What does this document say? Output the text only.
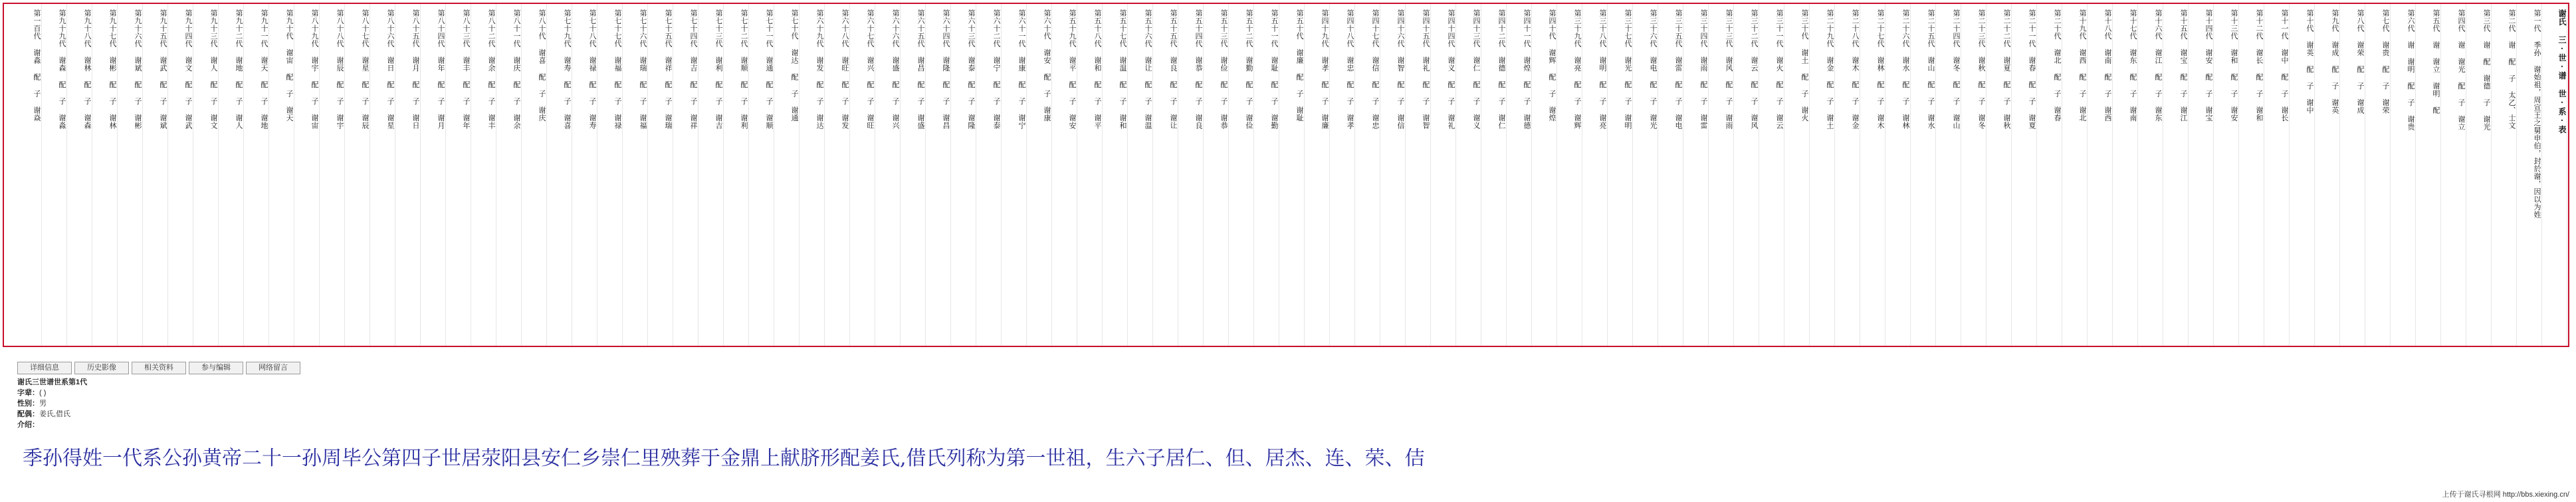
谢氏 三·世·谱 世·系·表
第一代 季孙 谢始祖，周宣王之舅申伯，封於谢，因以为姓
第二代 谢 配 子 太乙、士文
第三代 谢 配 谢德 子 谢光
第四代 谢 谢光 配 子 谢立
第五代 谢 谢立 谢明 配
第六代 谢 谢明 配 子 谢贵
第七代 谢贵 配 子 谢荣
第八代 谢荣 配 子 谢成
第九代 谢成 配 子 谢英
第十代 谢英 配 子 谢中
第十一代 谢中 配 子 谢长
第十二代 谢长 配 子 谢和
第十三代 谢和 配 子 谢安
第十四代 谢安 配 子 谢宝
第十五代 谢宝 配 子 谢江
第十六代 谢江 配 子 谢东
第十七代 谢东 配 子 谢南
第十八代 谢南 配 子 谢西
第十九代 谢西 配 子 谢北
第二十代 谢北 配 子 谢春
第二十一代 谢春 配 子 谢夏
第二十二代 谢夏 配 子 谢秋
第二十三代 谢秋 配 子 谢冬
第二十四代 谢冬 配 子 谢山
第二十五代 谢山 配 子 谢水
第二十六代 谢水 配 子 谢林
第二十七代 谢林 配 子 谢木
第二十八代 谢木 配 子 谢金
第二十九代 谢金 配 子 谢土
第三十代 谢土 配 子 谢火
第三十一代 谢火 配 子 谢云
第三十二代 谢云 配 子 谢风
第三十三代 谢风 配 子 谢雨
第三十四代 谢雨 配 子 谢雷
第三十五代 谢雷 配 子 谢电
第三十六代 谢电 配 子 谢光
第三十七代 谢光 配 子 谢明
第三十八代 谢明 配 子 谢亮
第三十九代 谢亮 配 子 谢辉
第四十代 谢辉 配 子 谢煌
第四十一代 谢煌 配 子 谢德
第四十二代 谢德 配 子 谢仁
第四十三代 谢仁 配 子 谢义
第四十四代 谢义 配 子 谢礼
第四十五代 谢礼 配 子 谢智
第四十六代 谢智 配 子 谢信
第四十七代 谢信 配 子 谢忠
第四十八代 谢忠 配 子 谢孝
第四十九代 谢孝 配 子 谢廉
第五十代 谢廉 配 子 谢耻
第五十一代 谢耻 配 子 谢勤
第五十二代 谢勤 配 子 谢俭
第五十三代 谢俭 配 子 谢恭
第五十四代 谢恭 配 子 谢良
第五十五代 谢良 配 子 谢让
第五十六代 谢让 配 子 谢温
第五十七代 谢温 配 子 谢和
第五十八代 谢和 配 子 谢平
第五十九代 谢平 配 子 谢安
第六十代 谢安 配 子 谢康
第六十一代 谢康 配 子 谢宁
第六十二代 谢宁 配 子 谢泰
第六十三代 谢泰 配 子 谢隆
第六十四代 谢隆 配 子 谢昌
第六十五代 谢昌 配 子 谢盛
第六十六代 谢盛 配 子 谢兴
第六十七代 谢兴 配 子 谢旺
第六十八代 谢旺 配 子 谢发
第六十九代 谢发 配 子 谢达
第七十代 谢达 配 子 谢通
第七十一代 谢通 配 子 谢顺
第七十二代 谢顺 配 子 谢利
第七十三代 谢利 配 子 谢吉
第七十四代 谢吉 配 子 谢祥
第七十五代 谢祥 配 子 谢瑞
第七十六代 谢瑞 配 子 谢福
第七十七代 谢福 配 子 谢禄
第七十八代 谢禄 配 子 谢寿
第七十九代 谢寿 配 子 谢喜
第八十代 谢喜 配 子 谢庆
第八十一代 谢庆 配 子 谢余
第八十二代 谢余 配 子 谢丰
第八十三代 谢丰 配 子 谢年
第八十四代 谢年 配 子 谢月
第八十五代 谢月 配 子 谢日
第八十六代 谢日 配 子 谢星
第八十七代 谢星 配 子 谢辰
第八十八代 谢辰 配 子 谢宇
第八十九代 谢宇 配 子 谢宙
第九十代 谢宙 配 子 谢天
第九十一代 谢天 配 子 谢地
第九十二代 谢地 配 子 谢人
第九十三代 谢人 配 子 谢文
第九十四代 谢文 配 子 谢武
第九十五代 谢武 配 子 谢斌
第九十六代 谢斌 配 子 谢彬
第九十七代 谢彬 配 子 谢林
第九十八代 谢林 配 子 谢森
第九十九代 谢森 配 子 谢淼
第一百代 谢淼 配 子 谢焱
详细信息	历史影像	相关资料	参与编辑	网络留言
谢氏三世谱世系第1代
字辈：( )
性别：男
配偶：姜氏,借氏
介绍：
季孙得姓一代系公孙黄帝二十一孙周毕公第四子世居荥阳县安仁乡崇仁里殃葬于金鼎上献脐形配姜氏,借氏列称为第一世祖，生六子居仁、但、居杰、连、荣、佶
上传于谢氏寻根网 http://bbs.xiexing.cn/
